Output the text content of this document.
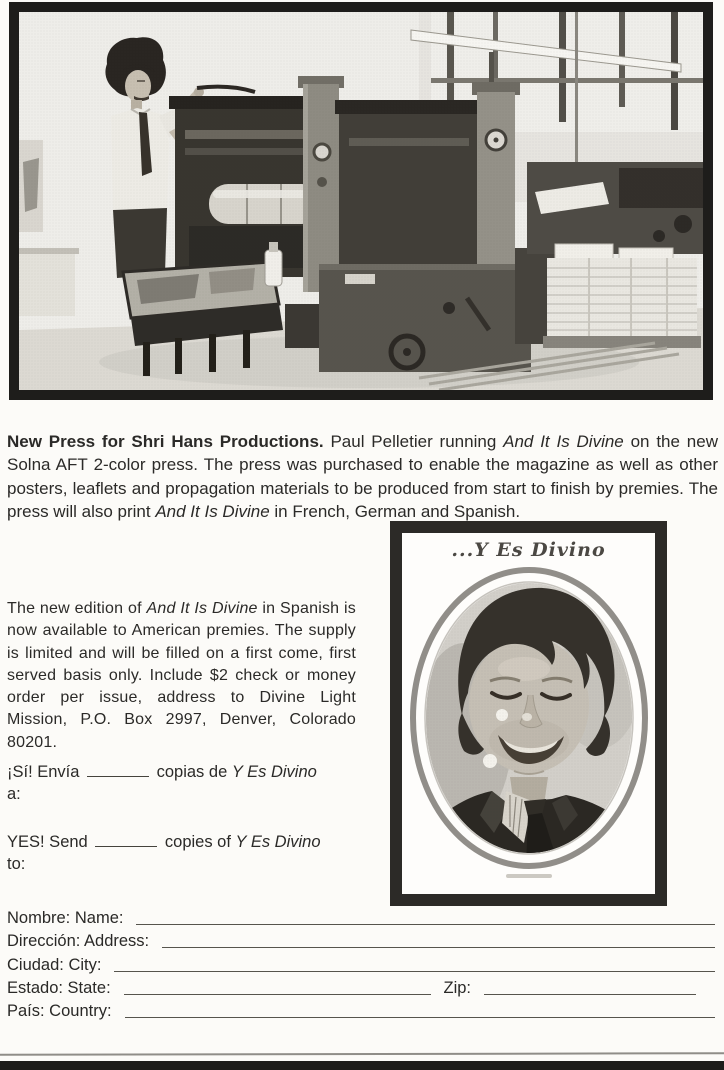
New Press for Shri Hans Productions. Paul Pelletier running And It Is Divine on the new Solna AFT 2-color press. The press was purchased to enable the magazine as well as other posters, leaflets and propagation materials to be produced from start to finish by premies. The press will also print And It Is Divine in French, German and Spanish.

The new edition of And It Is Divine in Spanish is now available to American premies. The supply is limited and will be filled on a first come, first served basis only. Include $2 check or money order per issue, address to Divine Light Mission, P.O. Box 2997, Denver, Colorado 80201.

¡Sí! Envía	copias de Y Es Divino a:

YES! Send	copies of Y Es Divino to:

...Y Es Divino
Nombre: Name:
Dirección: Address:
Ciudad: City:
Estado: State:	Zip:
País: Country:
